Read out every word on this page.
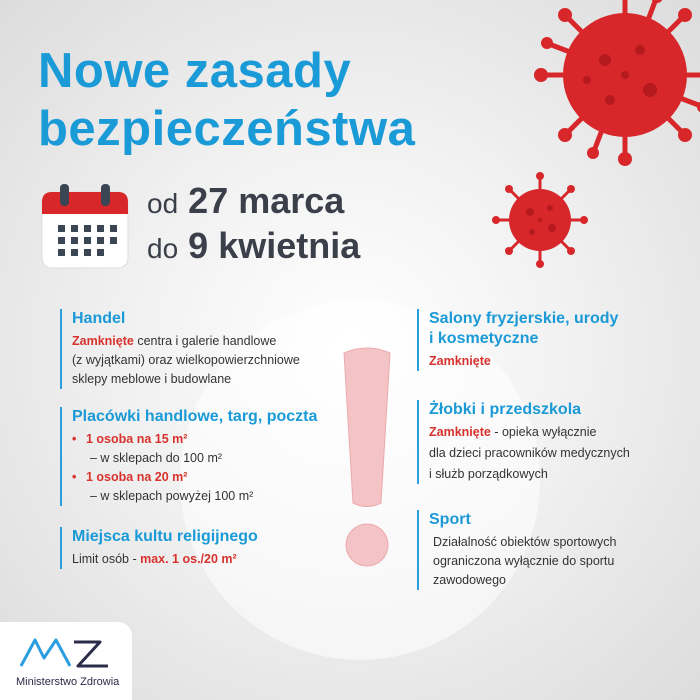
Nowe zasady
bezpieczeństwa
od 27 marca
do 9 kwietnia
Handel
Zamknięte centra i galerie handlowe
(z wyjątkami) oraz wielkopowierzchniowe
sklepy meblowe i budowlane
Placówki handlowe, targ, poczta
• 1 osoba na 15 m²
– w sklepach do 100 m²
• 1 osoba na 20 m²
– w sklepach powyżej 100 m²
Miejsca kultu religijnego
Limit osób - max. 1 os./20 m²
Salony fryzjerskie, urody
i kosmetyczne
Zamknięte
Żłobki i przedszkola
Zamknięte - opieka wyłącznie
dla dzieci pracowników medycznych
i służb porządkowych
Sport
Działalność obiektów sportowych
ograniczona wyłącznie do sportu
zawodowego
Ministerstwo Zdrowia
